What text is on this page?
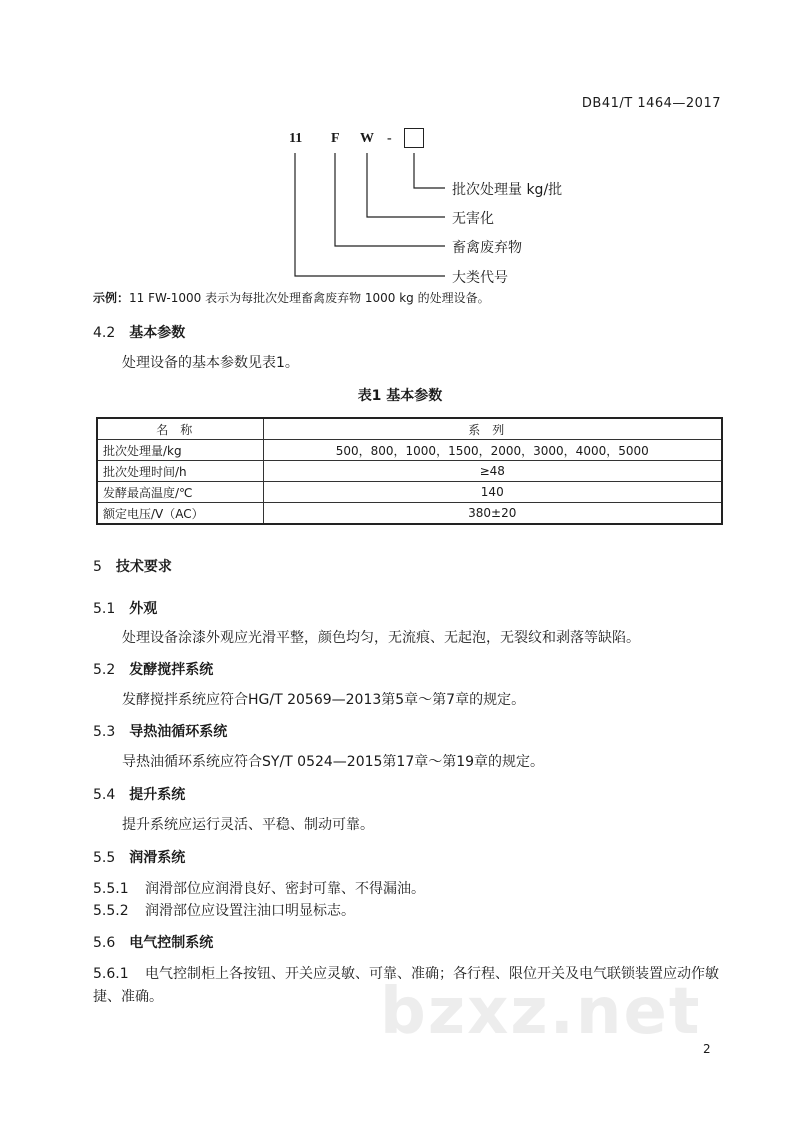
DB41/T 1464—2017
11 F W -
批次处理量 kg/批
无害化
畜禽废弃物
大类代号
示例：11 FW-1000 表示为每批次处理畜禽废弃物 1000 kg 的处理设备。
4.2 基本参数
处理设备的基本参数见表1。
表1 基本参数
名称	系列
批次处理量/kg	500，800，1000，1500，2000，3000，4000，5000
批次处理时间/h	≥48
发酵最高温度/℃	140
额定电压/V（AC）	380±20
5 技术要求
5.1 外观
处理设备涂漆外观应光滑平整，颜色均匀，无流痕、无起泡，无裂纹和剥落等缺陷。
5.2 发酵搅拌系统
发酵搅拌系统应符合HG/T 20569—2013第5章～第7章的规定。
5.3 导热油循环系统
导热油循环系统应符合SY/T 0524—2015第17章～第19章的规定。
5.4 提升系统
提升系统应运行灵活、平稳、制动可靠。
5.5 润滑系统
5.5.1 润滑部位应润滑良好、密封可靠、不得漏油。
5.5.2 润滑部位应设置注油口明显标志。
5.6 电气控制系统
5.6.1 电气控制柜上各按钮、开关应灵敏、可靠、准确；各行程、限位开关及电气联锁装置应动作敏
捷、准确。	bzxz.net 2
